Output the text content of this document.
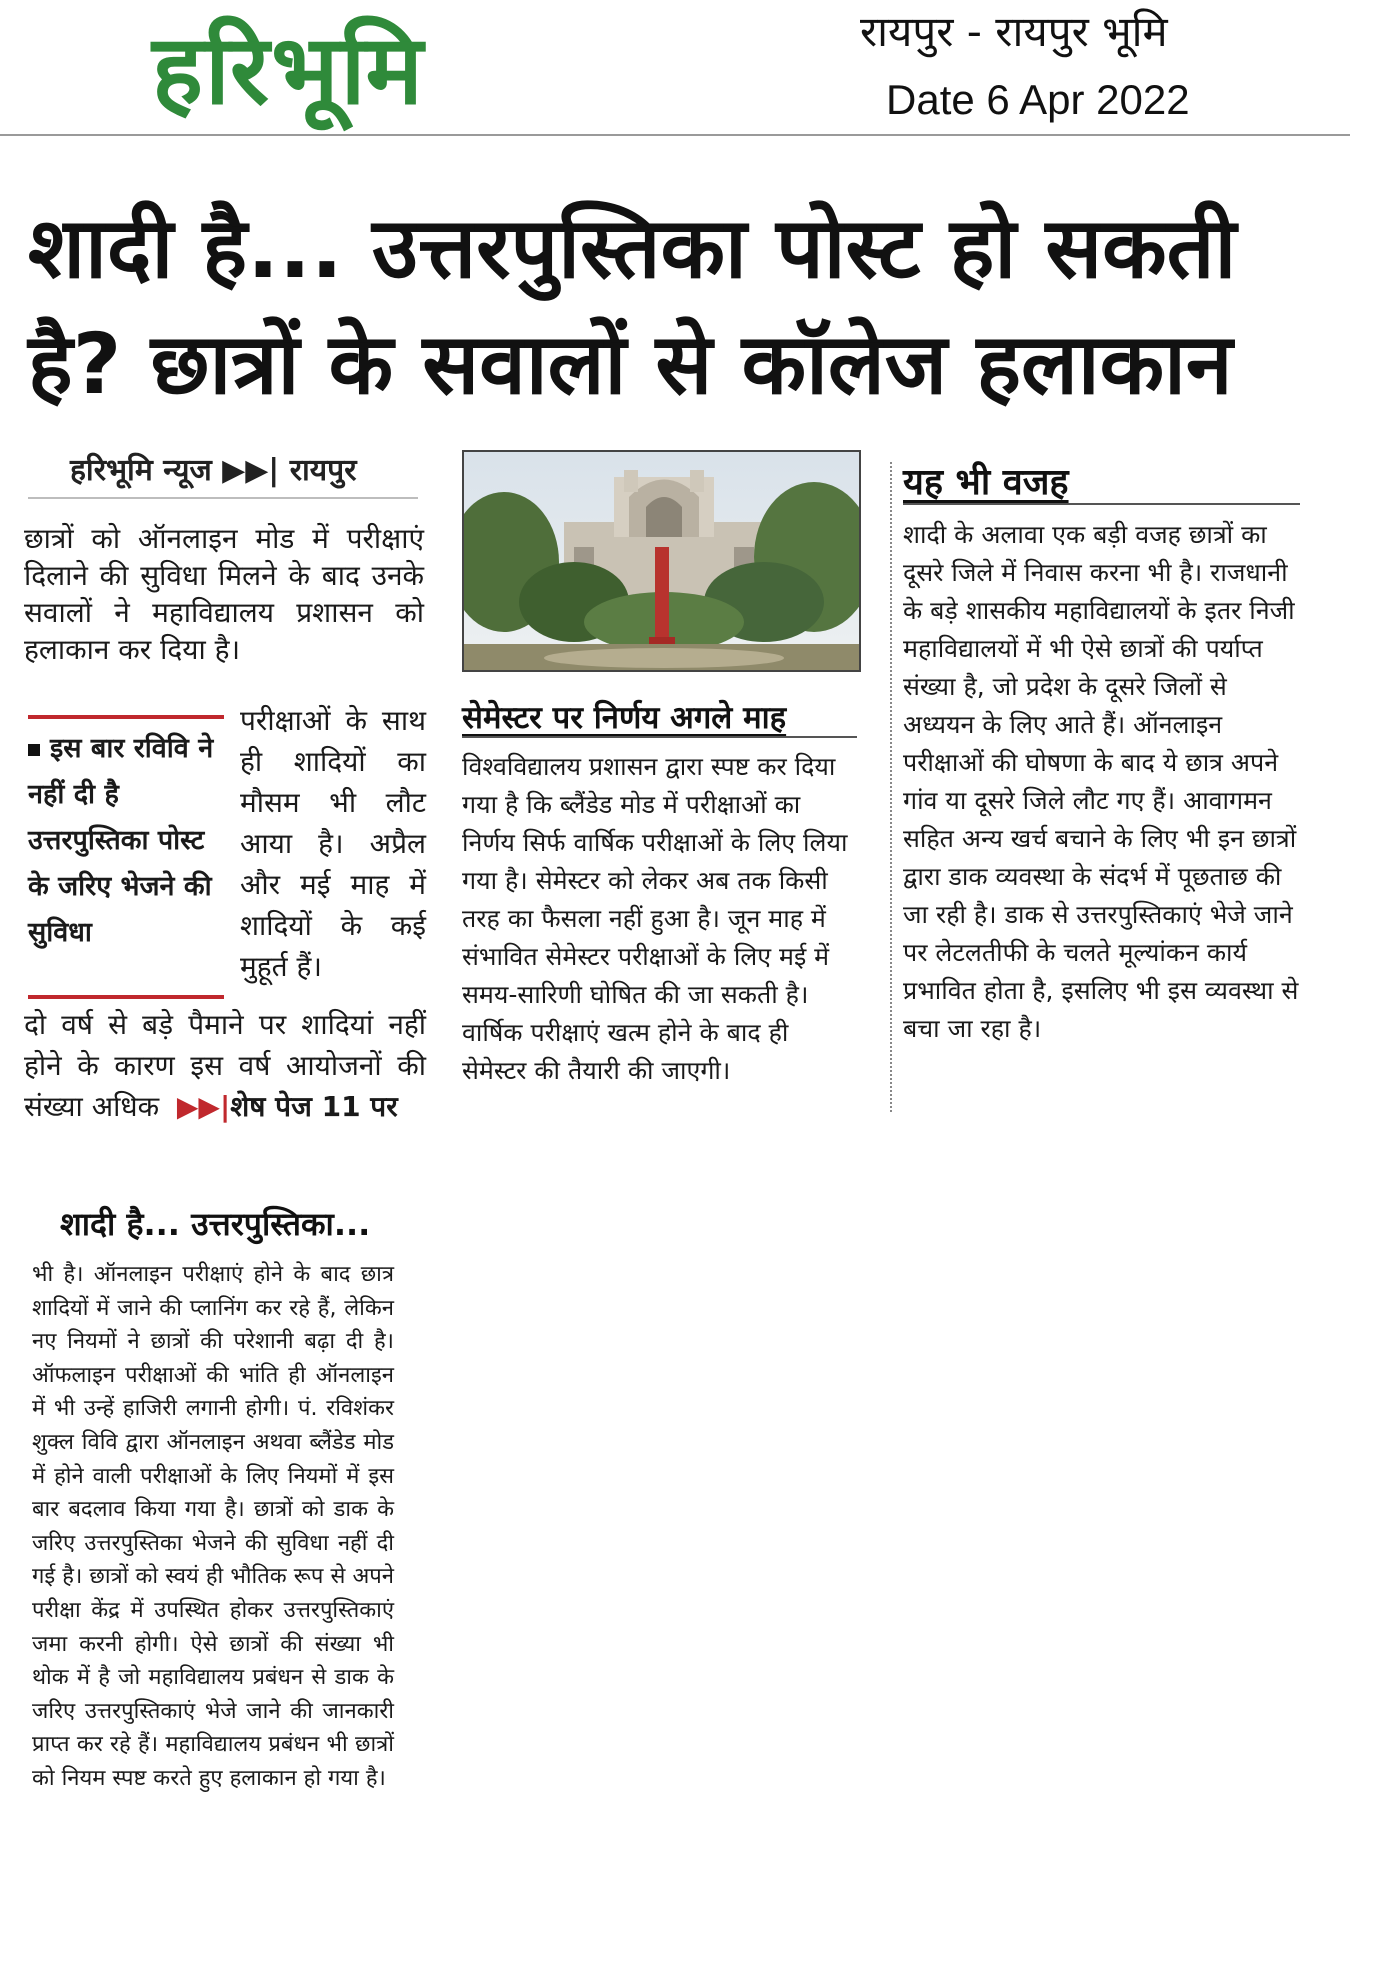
हरिभूमि	रायपुर - रायपुर भूमि
Date 6 Apr 2022
शादी है... उत्तरपुस्तिका पोस्ट हो सकती है? छात्रों के सवालों से कॉलेज हलाकान
हरिभूमि न्यूज ▶▶| रायपुर
छात्रों को ऑनलाइन मोड में परीक्षाएं दिलाने की सुविधा मिलने के बाद उनके सवालों ने महाविद्यालय प्रशासन को हलाकान कर दिया है।
इस बार रविवि ने नहीं दी है उत्तरपुस्तिका पोस्ट के जरिए भेजने की सुविधा
परीक्षाओं के साथ ही शादियों का मौसम भी लौट आया है। अप्रैल और मई माह में शादियों के कई मुहूर्त हैं।
दो वर्ष से बड़े पैमाने पर शादियां नहीं होने के कारण इस वर्ष आयोजनों की संख्या अधिक ▶▶|शेष पेज 11 पर
सेमेस्टर पर निर्णय अगले माह
विश्वविद्यालय प्रशासन द्वारा स्पष्ट कर दिया गया है कि ब्लैंडेड मोड में परीक्षाओं का निर्णय सिर्फ वार्षिक परीक्षाओं के लिए लिया गया है। सेमेस्टर को लेकर अब तक किसी तरह का फैसला नहीं हुआ है। जून माह में संभावित सेमेस्टर परीक्षाओं के लिए मई में समय-सारिणी घोषित की जा सकती है। वार्षिक परीक्षाएं खत्म होने के बाद ही सेमेस्टर की तैयारी की जाएगी।
यह भी वजह
शादी के अलावा एक बड़ी वजह छात्रों का दूसरे जिले में निवास करना भी है। राजधानी के बड़े शासकीय महाविद्यालयों के इतर निजी महाविद्यालयों में भी ऐसे छात्रों की पर्याप्त संख्या है, जो प्रदेश के दूसरे जिलों से अध्ययन के लिए आते हैं। ऑनलाइन परीक्षाओं की घोषणा के बाद ये छात्र अपने गांव या दूसरे जिले लौट गए हैं। आवागमन सहित अन्य खर्च बचाने के लिए भी इन छात्रों द्वारा डाक व्यवस्था के संदर्भ में पूछताछ की जा रही है। डाक से उत्तरपुस्तिकाएं भेजे जाने पर लेटलतीफी के चलते मूल्यांकन कार्य प्रभावित होता है, इसलिए भी इस व्यवस्था से बचा जा रहा है।
शादी है... उत्तरपुस्तिका...
भी है। ऑनलाइन परीक्षाएं होने के बाद छात्र शादियों में जाने की प्लानिंग कर रहे हैं, लेकिन नए नियमों ने छात्रों की परेशानी बढ़ा दी है। ऑफलाइन परीक्षाओं की भांति ही ऑनलाइन में भी उन्हें हाजिरी लगानी होगी। पं. रविशंकर शुक्ल विवि द्वारा ऑनलाइन अथवा ब्लैंडेड मोड में होने वाली परीक्षाओं के लिए नियमों में इस बार बदलाव किया गया है। छात्रों को डाक के जरिए उत्तरपुस्तिका भेजने की सुविधा नहीं दी गई है। छात्रों को स्वयं ही भौतिक रूप से अपने परीक्षा केंद्र में उपस्थित होकर उत्तरपुस्तिकाएं जमा करनी होगी। ऐसे छात्रों की संख्या भी थोक में है जो महाविद्यालय प्रबंधन से डाक के जरिए उत्तरपुस्तिकाएं भेजे जाने की जानकारी प्राप्त कर रहे हैं। महाविद्यालय प्रबंधन भी छात्रों को नियम स्पष्ट करते हुए हलाकान हो गया है।
